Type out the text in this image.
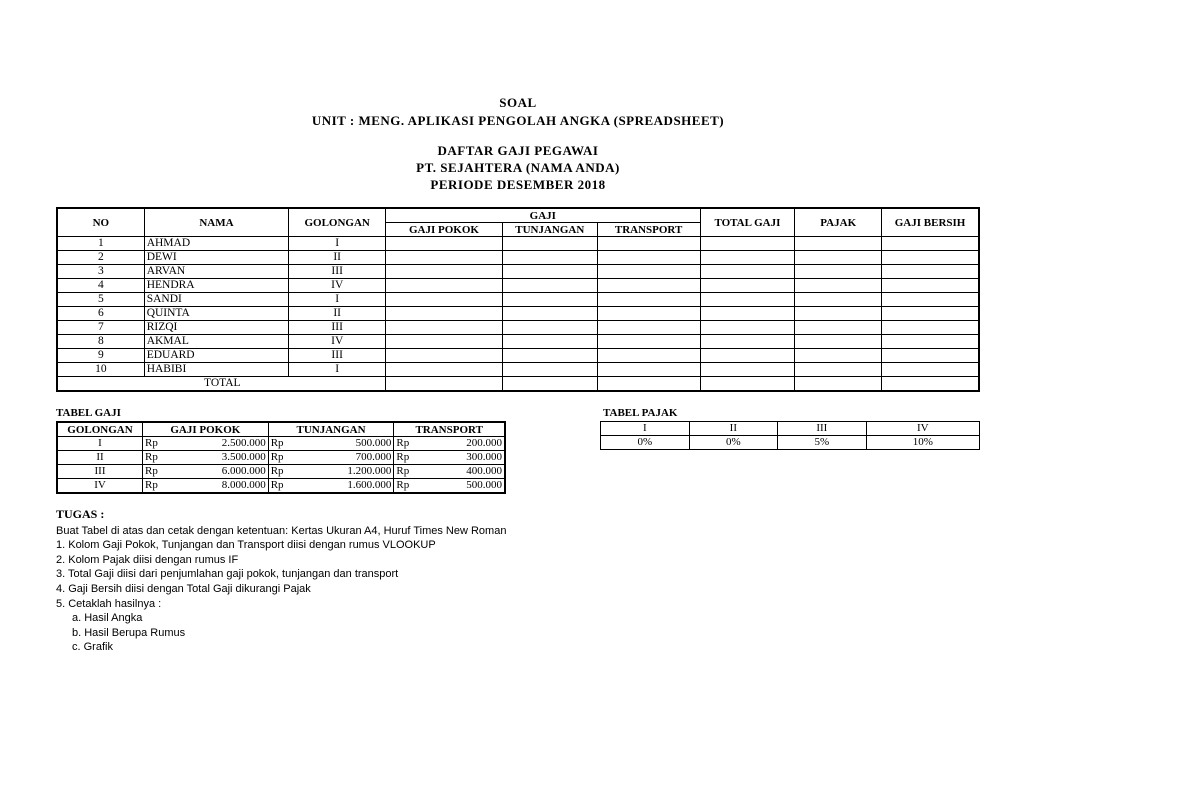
SOAL
UNIT : MENG. APLIKASI PENGOLAH ANGKA (SPREADSHEET)
DAFTAR GAJI PEGAWAI
PT. SEJAHTERA (NAMA ANDA)
PERIODE DESEMBER 2018
NO	NAMA	GOLONGAN	GAJI			TOTAL GAJI	PAJAK	GAJI BERSIH
			GAJI POKOK	TUNJANGAN	TRANSPORT			
1	AHMAD	I						
2	DEWI	II						
3	ARVAN	III						
4	HENDRA	IV						
5	SANDI	I						
6	QUINTA	II						
7	RIZQI	III						
8	AKMAL	IV						
9	EDUARD	III						
10	HABIBI	I						
TOTAL								
TABEL GAJI
GOLONGAN	GAJI POKOK		TUNJANGAN		TRANSPORT	
I	Rp	2.500.000	Rp	500.000	Rp	200.000
II	Rp	3.500.000	Rp	700.000	Rp	300.000
III	Rp	6.000.000	Rp	1.200.000	Rp	400.000
IV	Rp	8.000.000	Rp	1.600.000	Rp	500.000
TABEL PAJAK
I	II	III	IV
0%	0%	5%	10%
TUGAS :
Buat Tabel di atas dan cetak dengan ketentuan: Kertas Ukuran A4, Huruf Times New Roman
1. Kolom Gaji Pokok, Tunjangan dan Transport diisi dengan rumus VLOOKUP
2. Kolom Pajak diisi dengan rumus IF
3. Total Gaji diisi dari penjumlahan gaji pokok, tunjangan dan transport
4. Gaji Bersih diisi dengan Total Gaji dikurangi Pajak
5. Cetaklah hasilnya :
a. Hasil Angka
b. Hasil Berupa Rumus
c. Grafik
